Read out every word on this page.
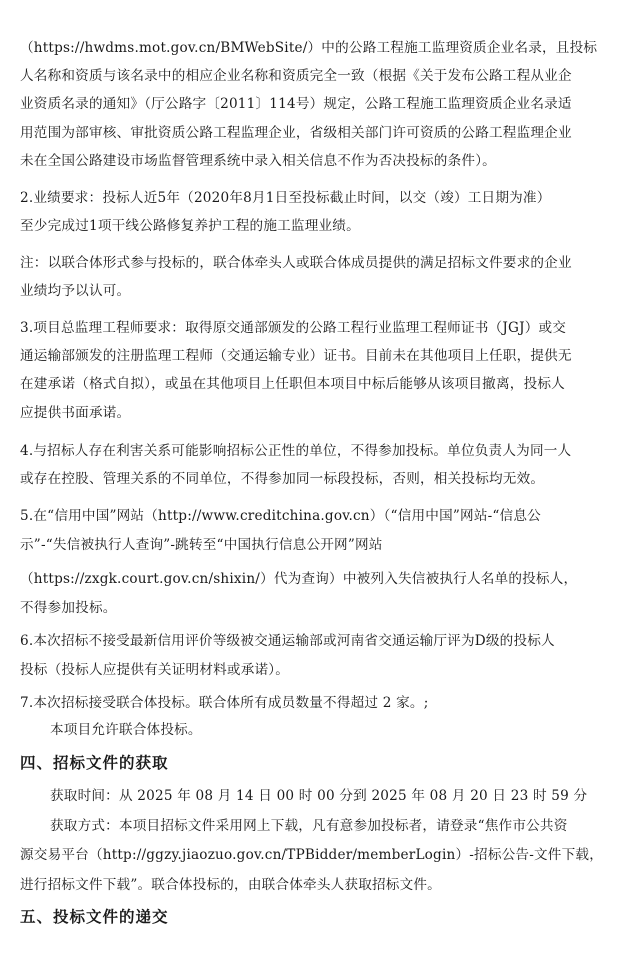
（https://hwdms.mot.gov.cn/BMWebSite/）中的公路工程施工监理资质企业名录，且投标
人名称和资质与该名录中的相应企业名称和资质完全一致（根据《关于发布公路工程从业企
业资质名录的通知》（厅公路字〔2011〕114号）规定，公路工程施工监理资质企业名录适
用范围为部审核、审批资质公路工程监理企业，省级相关部门许可资质的公路工程监理企业
未在全国公路建设市场监督管理系统中录入相关信息不作为否决投标的条件）。
2.业绩要求：投标人近5年（2020年8月1日至投标截止时间，以交（竣）工日期为准）
至少完成过1项干线公路修复养护工程的施工监理业绩。
注：以联合体形式参与投标的，联合体牵头人或联合体成员提供的满足招标文件要求的企业
业绩均予以认可。
3.项目总监理工程师要求：取得原交通部颁发的公路工程行业监理工程师证书（JGJ）或交
通运输部颁发的注册监理工程师（交通运输专业）证书。目前未在其他项目上任职，提供无
在建承诺（格式自拟），或虽在其他项目上任职但本项目中标后能够从该项目撤离，投标人
应提供书面承诺。
4.与招标人存在利害关系可能影响招标公正性的单位，不得参加投标。单位负责人为同一人
或存在控股、管理关系的不同单位，不得参加同一标段投标，否则，相关投标均无效。
5.在“信用中国”网站（http://www.creditchina.gov.cn）（“信用中国”网站-“信息公
示”-“失信被执行人查询”-跳转至“中国执行信息公开网”网站
（https://zxgk.court.gov.cn/shixin/）代为查询）中被列入失信被执行人名单的投标人，
不得参加投标。
6.本次招标不接受最新信用评价等级被交通运输部或河南省交通运输厅评为D级的投标人
投标（投标人应提供有关证明材料或承诺）。
7.本次招标接受联合体投标。联合体所有成员数量不得超过 2 家。;
本项目允许联合体投标。
四、招标文件的获取
获取时间：从 2025 年 08 月 14 日 00 时 00 分到 2025 年 08 月 20 日 23 时 59 分
获取方式：本项目招标文件采用网上下载，凡有意参加投标者，请登录“焦作市公共资
源交易平台（http://ggzy.jiaozuo.gov.cn/TPBidder/memberLogin）-招标公告-文件下载，
进行招标文件下载”。联合体投标的，由联合体牵头人获取招标文件。
五、投标文件的递交
